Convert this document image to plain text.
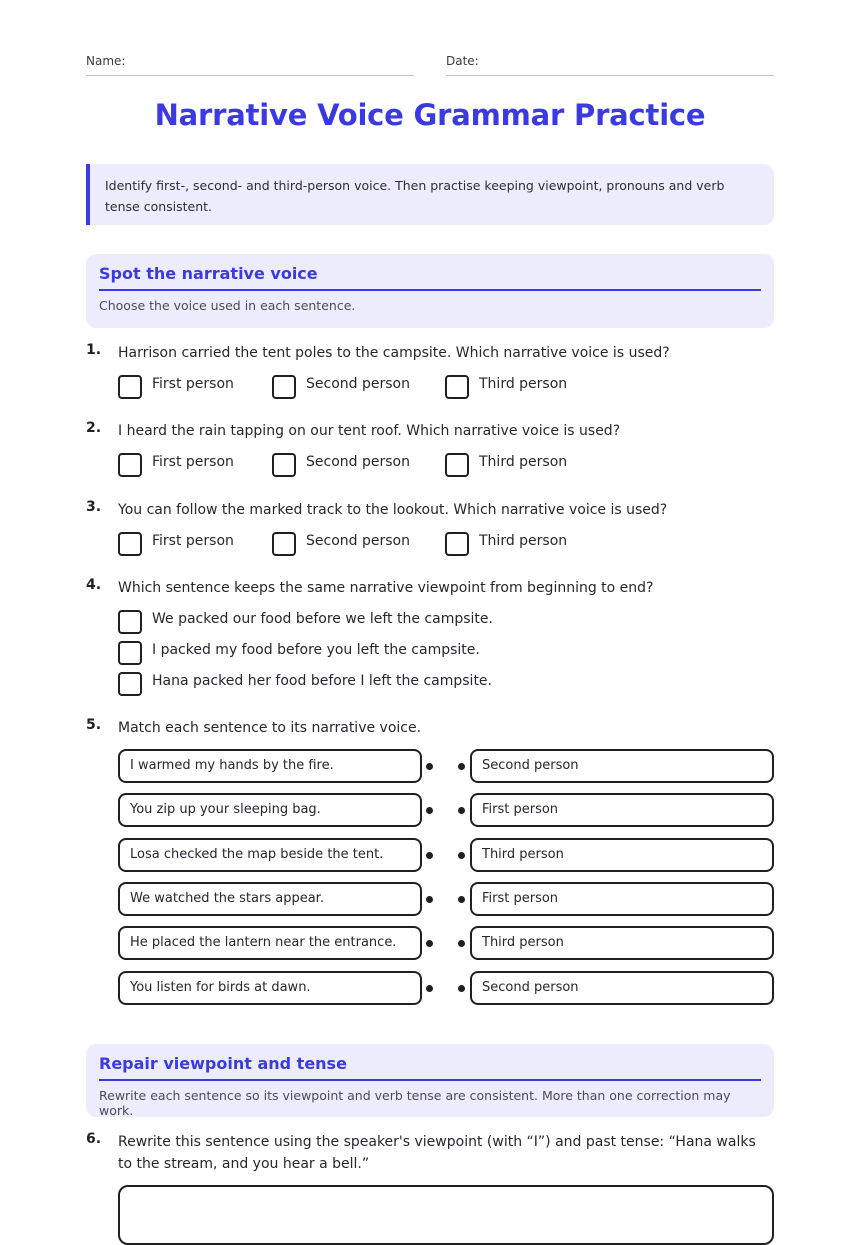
Name:	Date:
Narrative Voice Grammar Practice
Identify first-, second- and third-person voice. Then practise keeping viewpoint, pronouns and verb tense consistent.
Spot the narrative voice
Choose the voice used in each sentence.
1. Harrison carried the tent poles to the campsite. Which narrative voice is used?
First person	Second person	Third person
2. I heard the rain tapping on our tent roof. Which narrative voice is used?
First person	Second person	Third person
3. You can follow the marked track to the lookout. Which narrative voice is used?
First person	Second person	Third person
4. Which sentence keeps the same narrative viewpoint from beginning to end?
We packed our food before we left the campsite.
I packed my food before you left the campsite.
Hana packed her food before I left the campsite.
5. Match each sentence to its narrative voice.
I warmed my hands by the fire.	Second person
You zip up your sleeping bag.	First person
Losa checked the map beside the tent.	Third person
We watched the stars appear.	First person
He placed the lantern near the entrance.	Third person
You listen for birds at dawn.	Second person
Repair viewpoint and tense
Rewrite each sentence so its viewpoint and verb tense are consistent. More than one correction may work.
6. Rewrite this sentence using the speaker's viewpoint (with “I”) and past tense: “Hana walks to the stream, and you hear a bell.”
